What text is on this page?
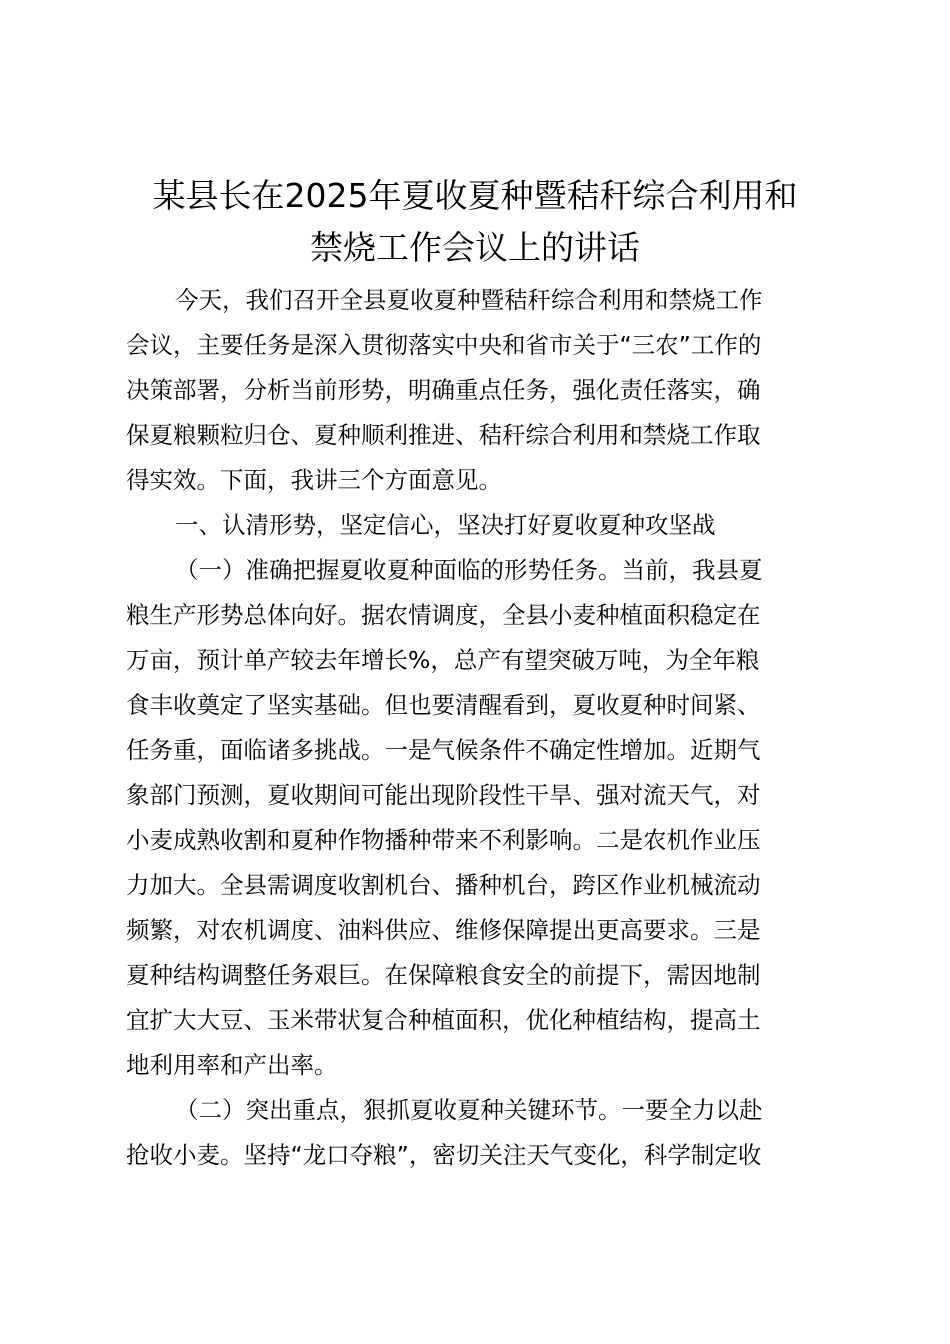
某县长在2025年夏收夏种暨秸秆综合利用和
禁烧工作会议上的讲话
今天，我们召开全县夏收夏种暨秸秆综合利用和禁烧工作
会议，主要任务是深入贯彻落实中央和省市关于“三农”工作的
决策部署，分析当前形势，明确重点任务，强化责任落实，确
保夏粮颗粒归仓、夏种顺利推进、秸秆综合利用和禁烧工作取
得实效。下面，我讲三个方面意见。
一、认清形势，坚定信心，坚决打好夏收夏种攻坚战
（一）准确把握夏收夏种面临的形势任务。当前，我县夏
粮生产形势总体向好。据农情调度，全县小麦种植面积稳定在
万亩，预计单产较去年增长%，总产有望突破万吨，为全年粮
食丰收奠定了坚实基础。但也要清醒看到，夏收夏种时间紧、
任务重，面临诸多挑战。一是气候条件不确定性增加。近期气
象部门预测，夏收期间可能出现阶段性干旱、强对流天气，对
小麦成熟收割和夏种作物播种带来不利影响。二是农机作业压
力加大。全县需调度收割机台、播种机台，跨区作业机械流动
频繁，对农机调度、油料供应、维修保障提出更高要求。三是
夏种结构调整任务艰巨。在保障粮食安全的前提下，需因地制
宜扩大大豆、玉米带状复合种植面积，优化种植结构，提高土
地利用率和产出率。
（二）突出重点，狠抓夏收夏种关键环节。一要全力以赴
抢收小麦。坚持“龙口夺粮”，密切关注天气变化，科学制定收
